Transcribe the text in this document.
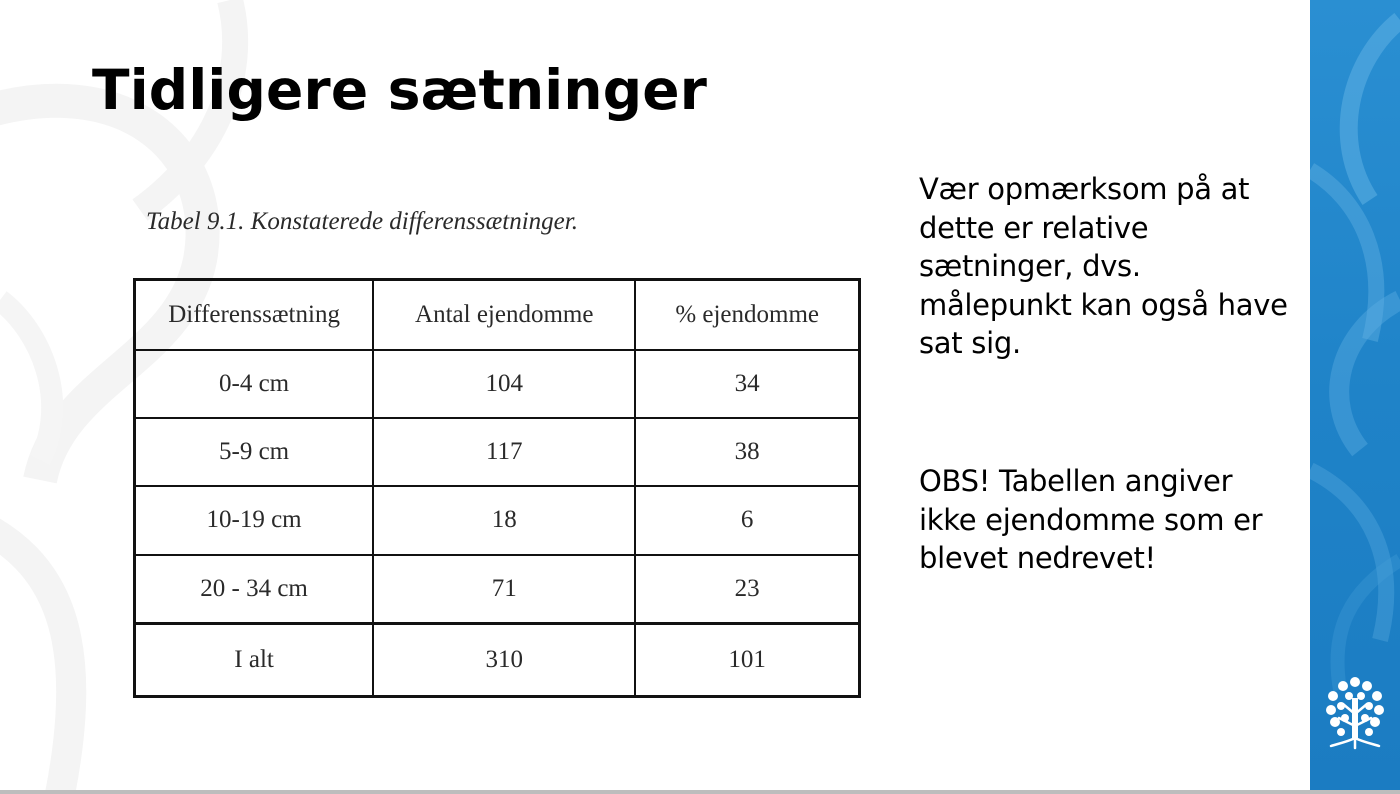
Tidligere sætninger
Tabel 9.1. Konstaterede differenssætninger.
Differenssætning	Antal ejendomme	% ejendomme
0-4 cm	104	34
5-9 cm	117	38
10-19 cm	18	6
20 - 34 cm	71	23
I alt	310	101
Vær opmærksom på at
dette er relative
sætninger, dvs.
målepunkt kan også have
sat sig.
OBS! Tabellen angiver
ikke ejendomme som er
blevet nedrevet!
